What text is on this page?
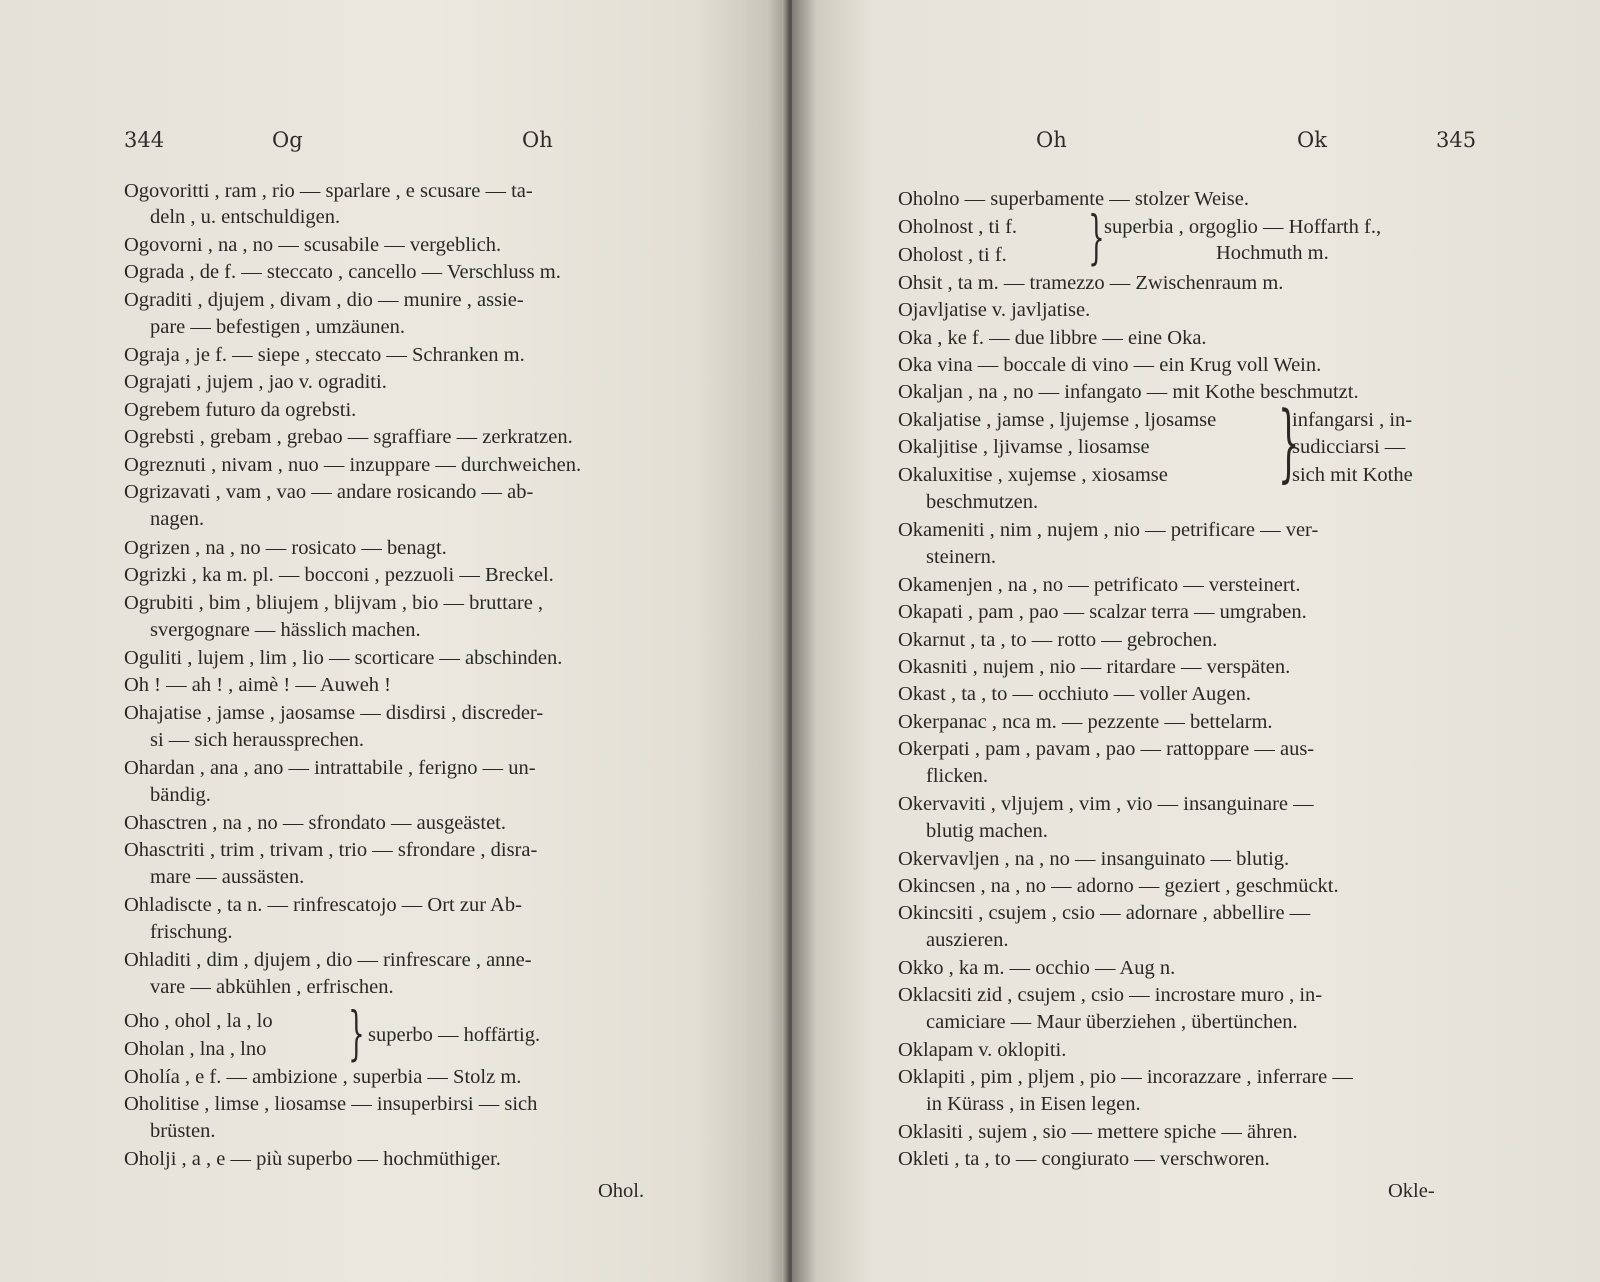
344	Og	Oh
Ogovoritti , ram , rio — sparlare , e scusare — ta-
deln , u. entschuldigen.
Ogovorni , na , no — scusabile — vergeblich.
Ograda , de f. — steccato , cancello — Verschluss m.
Ograditi , djujem , divam , dio — munire , assie-
pare — befestigen , umzäunen.
Ograja , je f. — siepe , steccato — Schranken m.
Ograjati , jujem , jao v. ograditi.
Ogrebem futuro da ogrebsti.
Ogrebsti , grebam , grebao — sgraffiare — zerkratzen.
Ogreznuti , nivam , nuo — inzuppare — durchweichen.
Ogrizavati , vam , vao — andare rosicando — ab-
nagen.
Ogrizen , na , no — rosicato — benagt.
Ogrizki , ka m. pl. — bocconi , pezzuoli — Breckel.
Ogrubiti , bim , bliujem , blijvam , bio — bruttare ,
svergognare — hässlich machen.
Oguliti , lujem , lim , lio — scorticare — abschinden.
Oh ! — ah ! , aimè ! — Auweh !
Ohajatise , jamse , jaosamse — disdirsi , discreder-
si — sich heraussprechen.
Ohardan , ana , ano — intrattabile , ferigno — un-
bändig.
Ohasctren , na , no — sfrondato — ausgeästet.
Ohasctriti , trim , trivam , trio — sfrondare , disra-
mare — aussästen.
Ohladiscte , ta n. — rinfrescatojo — Ort zur Ab-
frischung.
Ohladiti , dim , djujem , dio — rinfrescare , anne-
vare — abkühlen , erfrischen.
Oho , ohol , la , lo
Oholan , lna , lno } superbo — hoffärtig.
Oholía , e f. — ambizione , superbia — Stolz m.
Oholitise , limse , liosamse — insuperbirsi — sich
brüsten.
Oholji , a , e — più superbo — hochmüthiger.
Ohol.
Oh	Ok	345
Oholno — superbamente — stolzer Weise.
Oholnost , ti f. } superbia , orgoglio — Hoffarth f.,
Oholost , ti f.	Hochmuth m.
Ohsit , ta m. — tramezzo — Zwischenraum m.
Ojavljatise v. javljatise.
Oka , ke f. — due libbre — eine Oka.
Oka vina — boccale di vino — ein Krug voll Wein.
Okaljan , na , no — infangato — mit Kothe beschmutzt.
Okaljatise , jamse , ljujemse , ljosamse
Okaljitise , ljivamse , liosamse
Okaluxitise , xujemse , xiosamse }
infangarsi , in-
sudicciarsi —
sich mit Kothe
beschmutzen.
Okameniti , nim , nujem , nio — petrificare — ver-
steinern.
Okamenjen , na , no — petrificato — versteinert.
Okapati , pam , pao — scalzar terra — umgraben.
Okarnut , ta , to — rotto — gebrochen.
Okasniti , nujem , nio — ritardare — verspäten.
Okast , ta , to — occhiuto — voller Augen.
Okerpanac , nca m. — pezzente — bettelarm.
Okerpati , pam , pavam , pao — rattoppare — aus-
flicken.
Okervaviti , vljujem , vim , vio — insanguinare —
blutig machen.
Okervavljen , na , no — insanguinato — blutig.
Okincsen , na , no — adorno — geziert , geschmückt.
Okincsiti , csujem , csio — adornare , abbellire —
auszieren.
Okko , ka m. — occhio — Aug n.
Oklacsiti zid , csujem , csio — incrostare muro , in-
camiciare — Maur überziehen , übertünchen.
Oklapam v. oklopiti.
Oklapiti , pim , pljem , pio — incorazzare , inferrare —
in Kürass , in Eisen legen.
Oklasiti , sujem , sio — mettere spiche — ähren.
Okleti , ta , to — congiurato — verschworen.
Okle-
